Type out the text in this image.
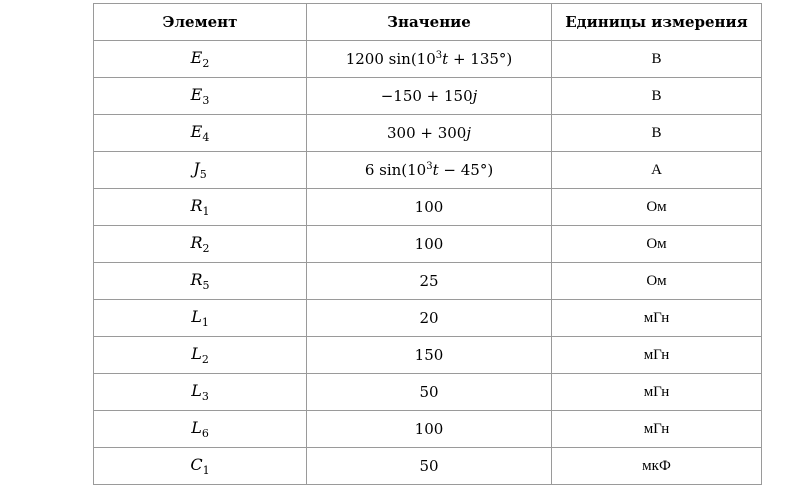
Элемент	Значение	Единицы измерения
$E_2$	1200 $\sin(10^3t + 135^\circ)$	В
$E_3$	−150 + 150j	В
$E_4$	300 + 300j	В
$J_5$	6 $\sin(10^3t - 45^\circ)$	А
$R_1$	100	Ом
$R_2$	100	Ом
$R_5$	25	Ом
$L_1$	20	мГн
$L_2$	150	мГн
$L_3$	50	мГн
$L_6$	100	мГн
$C_1$	50	мкФ
